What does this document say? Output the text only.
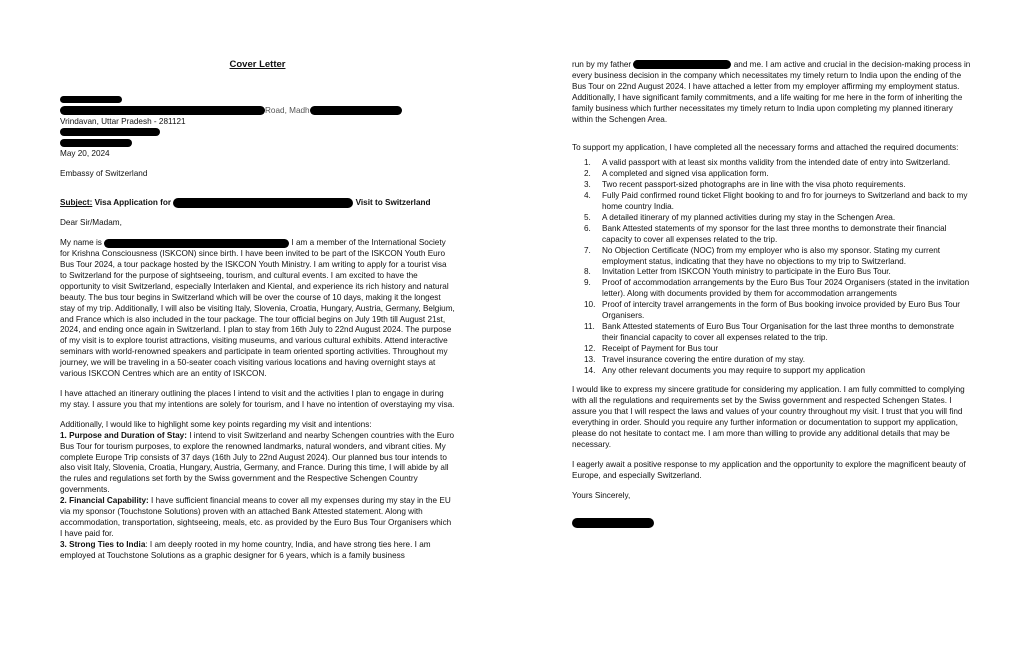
Cover Letter

Road, Madh

Vrindavan, Uttar Pradesh - 281121

May 20, 2024

Embassy of Switzerland

Subject: Visa Application for	Visit to Switzerland

Dear Sir/Madam,

My name is	I am a member of the International Society for Krishna Consciousness (ISKCON) since birth. I have been invited to be part of the ISKCON Youth Euro Bus Tour 2024, a tour package hosted by the ISKCON Youth Ministry. I am writing to apply for a tourist visa to Switzerland for the purpose of sightseeing, tourism, and cultural events. I am excited to have the opportunity to visit Switzerland, especially Interlaken and Kiental, and experience its rich history and natural beauty. The bus tour begins in Switzerland which will be over the course of 10 days, making it the longest stay of my trip. Additionally, I will also be visiting Italy, Slovenia, Croatia, Hungary, Austria, Germany, Belgium, and France which is also included in the tour package. The tour official begins on July 19th till August 21st, 2024, and ending once again in Switzerland. I plan to stay from 16th July to 22nd August 2024. The purpose of my visit is to explore tourist attractions, visiting museums, and various cultural exhibits. Attend interactive seminars with world-renowned speakers and participate in team oriented sporting activities. Throughout my journey, we will be traveling in a 50-seater coach visiting various locations and having overnight stays at various ISKCON Centres which are an entity of ISKCON.

I have attached an itinerary outlining the places I intend to visit and the activities I plan to engage in during my stay. I assure you that my intentions are solely for tourism, and I have no intention of overstaying my visa.

Additionally, I would like to highlight some key points regarding my visit and intentions:

1. Purpose and Duration of Stay: I intend to visit Switzerland and nearby Schengen countries with the Euro Bus Tour for tourism purposes, to explore the renowned landmarks, natural wonders, and vibrant cities. My complete Europe Trip consists of 37 days (16th July to 22nd August 2024). Our planned bus tour intends to also visit Italy, Slovenia, Croatia, Hungary, Austria, Germany, and France. During this time, I will abide by all the rules and regulations set forth by the Swiss government and the Respective Schengen Country governments.

2. Financial Capability: I have sufficient financial means to cover all my expenses during my stay in the EU via my sponsor (Touchstone Solutions) proven with an attached Bank Attested statement. Along with accommodation, transportation, sightseeing, meals, etc. as provided by the Euro Bus Tour Organisers which I have paid for.

3. Strong Ties to India: I am deeply rooted in my home country, India, and have strong ties here. I am employed at Touchstone Solutions as a graphic designer for 6 years, which is a family business

run by my father	and me. I am active and crucial in the decision-making process in every business decision in the company which necessitates my timely return to India upon the ending of the Bus Tour on 22nd August 2024. I have attached a letter from my employer affirming my employment status. Additionally, I have significant family commitments, and a life waiting for me here in the form of inheriting the family business which further necessitates my timely return to India upon completing my planned itinerary within the Schengen Area.

To support my application, I have completed all the necessary forms and attached the required documents:

1. A valid passport with at least six months validity from the intended date of entry into Switzerland.
2. A completed and signed visa application form.
3. Two recent passport-sized photographs are in line with the visa photo requirements.
4. Fully Paid confirmed round ticket Flight booking to and fro for journeys to Switzerland and back to my home country India.
5. A detailed itinerary of my planned activities during my stay in the Schengen Area.
6. Bank Attested statements of my sponsor for the last three months to demonstrate their financial capacity to cover all expenses related to the trip.
7. No Objection Certificate (NOC) from my employer who is also my sponsor. Stating my current employment status, indicating that they have no objections to my trip to Switzerland.
8. Invitation Letter from ISKCON Youth ministry to participate in the Euro Bus Tour.
9. Proof of accommodation arrangements by the Euro Bus Tour 2024 Organisers (stated in the invitation letter). Along with documents provided by them for accommodation arrangements
10. Proof of intercity travel arrangements in the form of Bus booking invoice provided by Euro Bus Tour Organisers.
11. Bank Attested statements of Euro Bus Tour Organisation for the last three months to demonstrate their financial capacity to cover all expenses related to the trip.
12. Receipt of Payment for Bus tour
13. Travel insurance covering the entire duration of my stay.
14. Any other relevant documents you may require to support my application

I would like to express my sincere gratitude for considering my application. I am fully committed to complying with all the regulations and requirements set by the Swiss government and respected Schengen States. I assure you that I will respect the laws and values of your country throughout my visit. I trust that you will find everything in order. Should you require any further information or documentation to support my application, please do not hesitate to contact me. I am more than willing to provide any additional details that may be necessary.

I eagerly await a positive response to my application and the opportunity to explore the magnificent beauty of Europe, and especially Switzerland.

Yours Sincerely,
